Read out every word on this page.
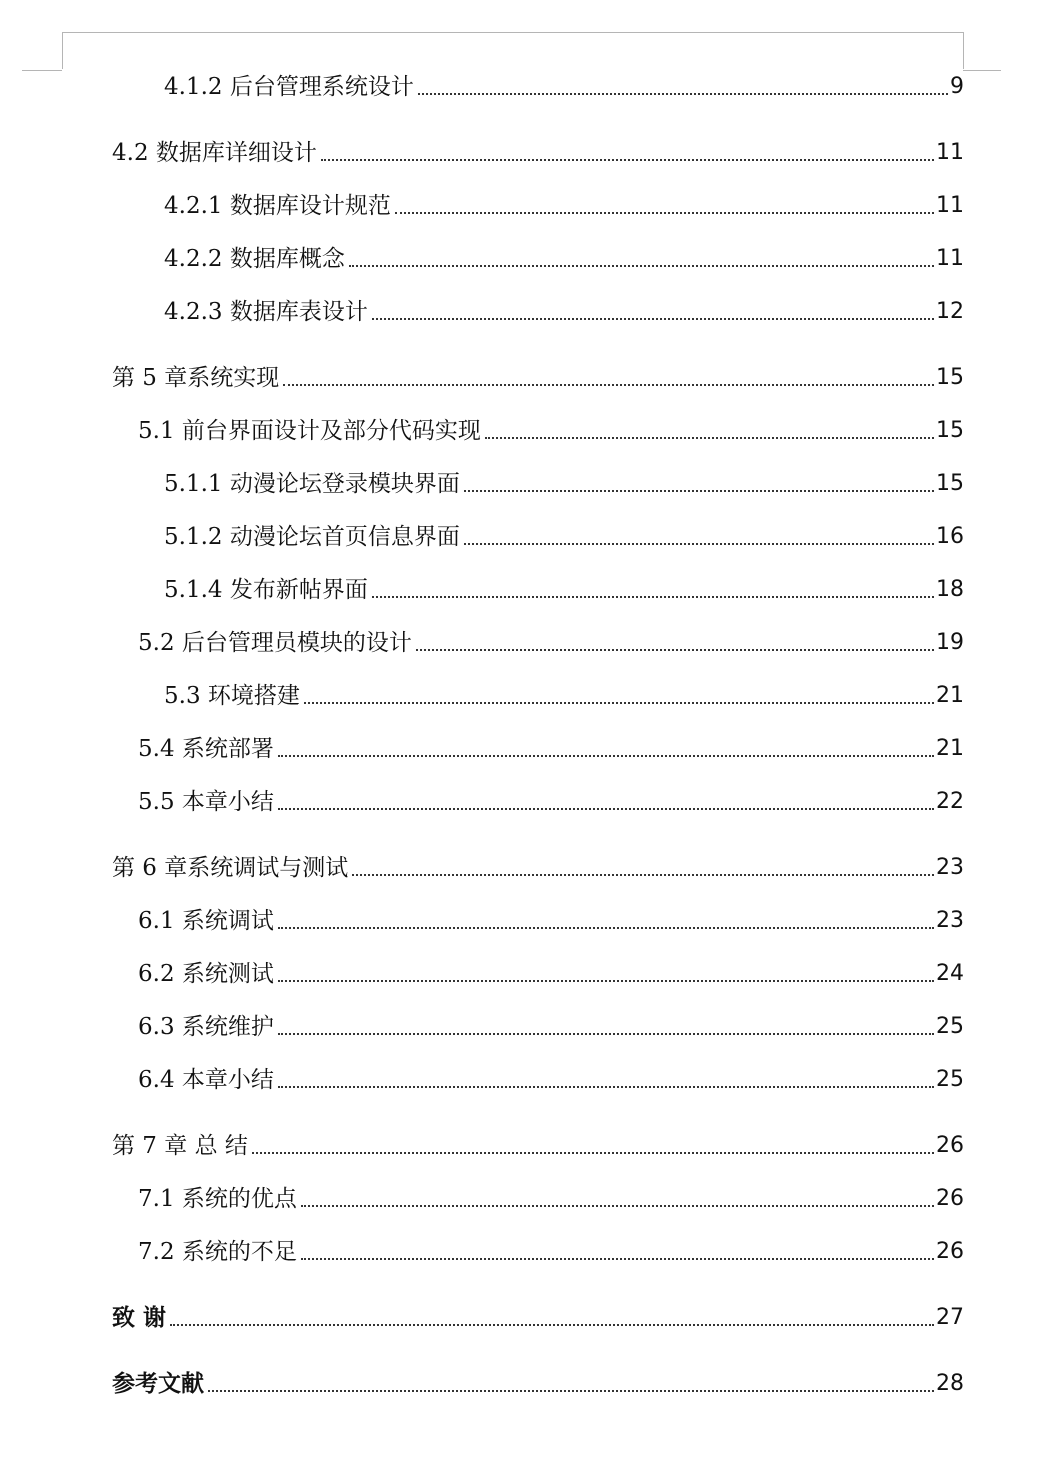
4.1.2 后台管理系统设计	9
4.2 数据库详细设计	11
4.2.1 数据库设计规范	11
4.2.2 数据库概念	11
4.2.3 数据库表设计	12
第 5 章系统实现	15
5.1 前台界面设计及部分代码实现	15
5.1.1 动漫论坛登录模块界面	15
5.1.2 动漫论坛首页信息界面	16
5.1.4 发布新帖界面	18
5.2 后台管理员模块的设计	19
5.3 环境搭建	21
5.4 系统部署	21
5.5 本章小结	22
第 6 章系统调试与测试	23
6.1 系统调试	23
6.2 系统测试	24
6.3 系统维护	25
6.4 本章小结	25
第 7 章 总 结	26
7.1 系统的优点	26
7.2 系统的不足	26
致 谢	27
参考文献	28
